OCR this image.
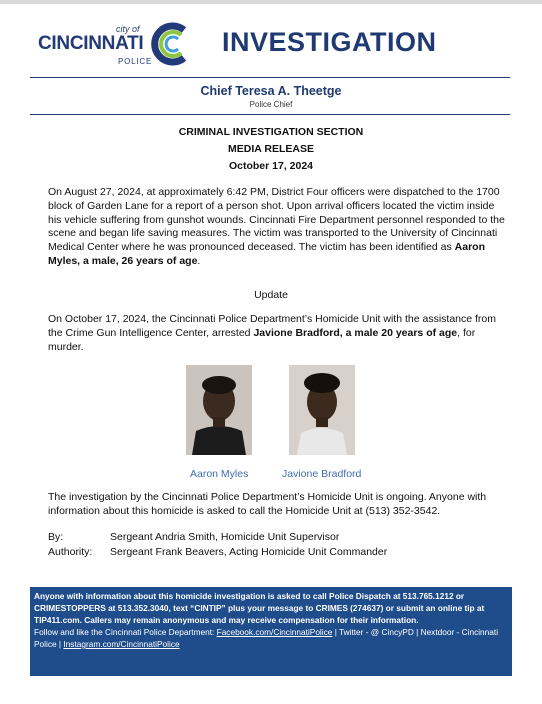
city of
CINCINNATI
POLICE
INVESTIGATION
Chief Teresa A. Theetge
Police Chief
CRIMINAL INVESTIGATION SECTION
MEDIA RELEASE
October 17, 2024
On August 27, 2024, at approximately 6:42 PM, District Four officers were dispatched to the 1700 block of Garden Lane for a report of a person shot. Upon arrival officers located the victim inside his vehicle suffering from gunshot wounds. Cincinnati Fire Department personnel responded to the scene and began life saving measures. The victim was transported to the University of Cincinnati Medical Center where he was pronounced deceased. The victim has been identified as Aaron Myles, a male, 26 years of age.
Update
On October 17, 2024, the Cincinnati Police Department’s Homicide Unit with the assistance from the Crime Gun Intelligence Center, arrested Javione Bradford, a male 20 years of age, for murder.
Aaron Myles	Javione Bradford
The investigation by the Cincinnati Police Department’s Homicide Unit is ongoing. Anyone with information about this homicide is asked to call the Homicide Unit at (513) 352-3542.
By:	Sergeant Andria Smith, Homicide Unit Supervisor
Authority: Sergeant Frank Beavers, Acting Homicide Unit Commander
Anyone with information about this homicide investigation is asked to call Police Dispatch at 513.765.1212 or CRIMESTOPPERS at 513.352.3040, text “CINTIP” plus your message to CRIMES (274637) or submit an online tip at TIP411.com. Callers may remain anonymous and may receive compensation for their information.
Follow and like the Cincinnati Police Department: Facebook.com/CincinnatiPolice | Twitter - @ CincyPD | Nextdoor - Cincinnati Police | Instagram.com/CincinnatiPolice
